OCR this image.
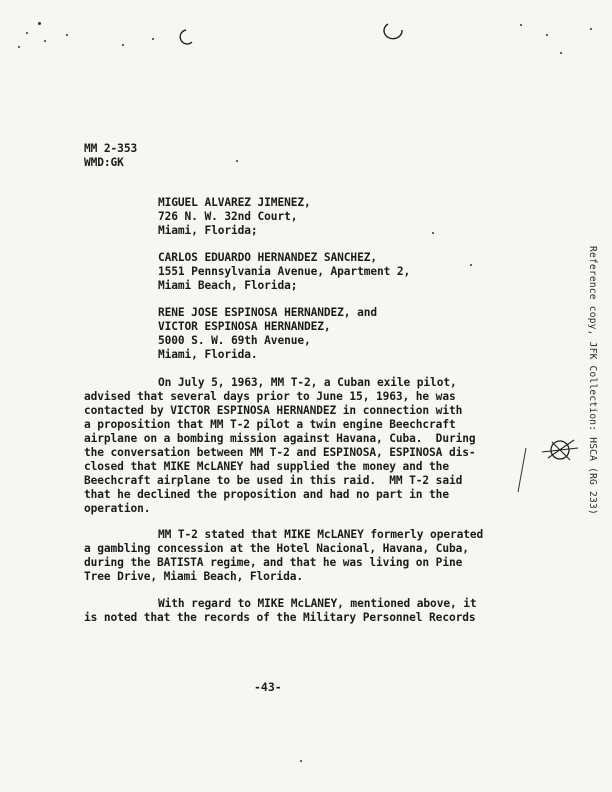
MM 2-353
WMD:GK
MIGUEL ALVAREZ JIMENEZ,
726 N. W. 32nd Court,
Miami, Florida;
CARLOS EDUARDO HERNANDEZ SANCHEZ,
1551 Pennsylvania Avenue, Apartment 2,
Miami Beach, Florida;
RENE JOSE ESPINOSA HERNANDEZ, and
VICTOR ESPINOSA HERNANDEZ,
5000 S. W. 69th Avenue,
Miami, Florida.
On July 5, 1963, MM T-2, a Cuban exile pilot,
advised that several days prior to June 15, 1963, he was
contacted by VICTOR ESPINOSA HERNANDEZ in connection with
a proposition that MM T-2 pilot a twin engine Beechcraft
airplane on a bombing mission against Havana, Cuba.  During
the conversation between MM T-2 and ESPINOSA, ESPINOSA dis-
closed that MIKE McLANEY had supplied the money and the
Beechcraft airplane to be used in this raid.  MM T-2 said
that he declined the proposition and had no part in the
operation.
MM T-2 stated that MIKE McLANEY formerly operated
a gambling concession at the Hotel Nacional, Havana, Cuba,
during the BATISTA regime, and that he was living on Pine
Tree Drive, Miami Beach, Florida.
With regard to MIKE McLANEY, mentioned above, it
is noted that the records of the Military Personnel Records
-43-
Reference copy, JFK Collection: HSCA (RG 233)
